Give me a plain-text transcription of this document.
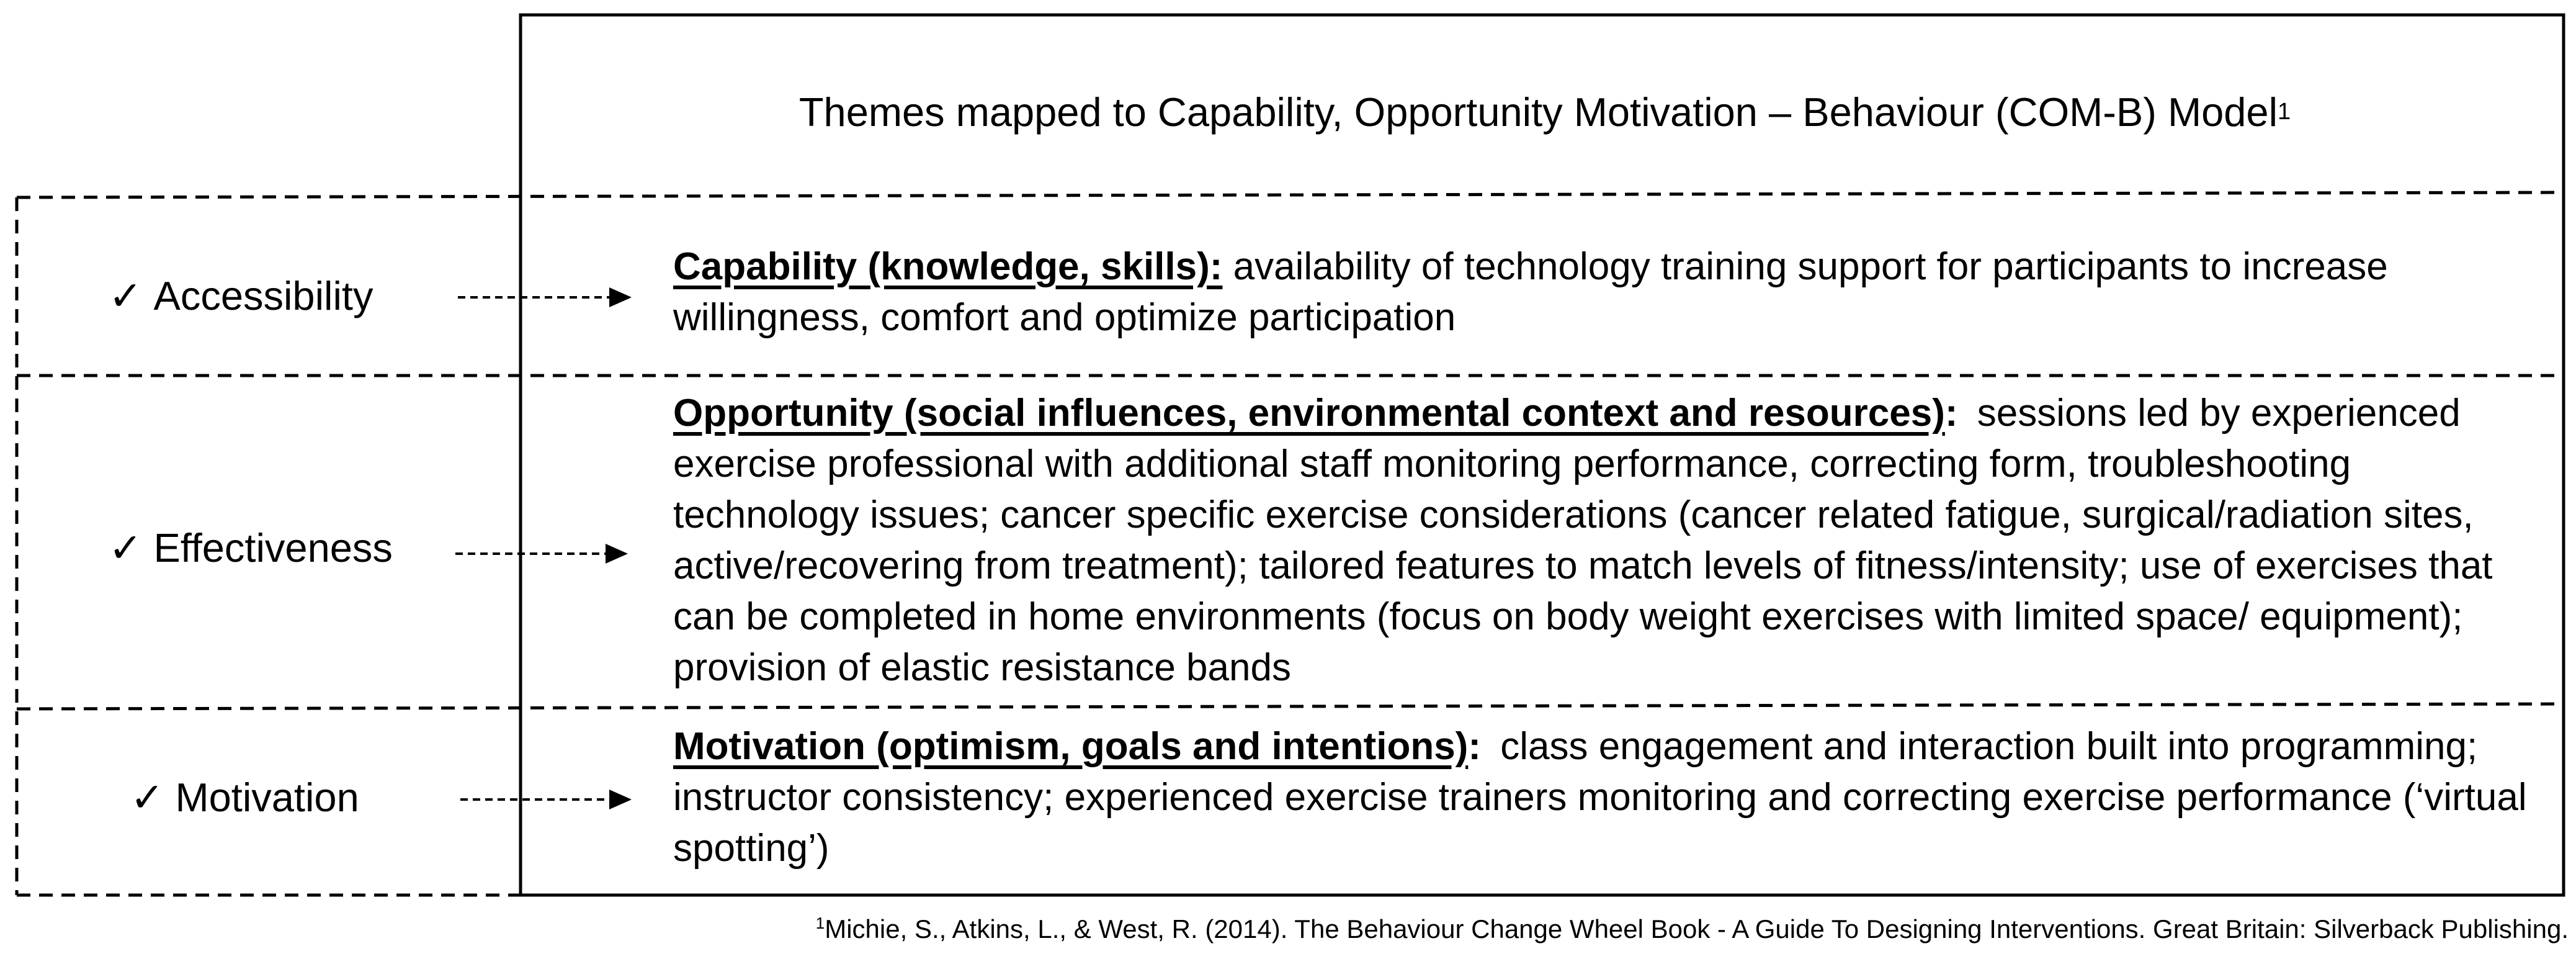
Themes mapped to Capability, Opportunity Motivation – Behaviour (COM-B) Model 1
✓ Accessibility
Capability (knowledge, skills): availability of technology training support for participants to increase willingness, comfort and optimize participation
✓ Effectiveness
Opportunity (social influences, environmental context and resources): sessions led by experienced exercise professional with additional staff monitoring performance, correcting form, troubleshooting technology issues; cancer specific exercise considerations (cancer related fatigue, surgical/radiation sites, active/recovering from treatment); tailored features to match levels of fitness/intensity; use of exercises that can be completed in home environments (focus on body weight exercises with limited space/ equipment); provision of elastic resistance bands
✓ Motivation
Motivation (optimism, goals and intentions): class engagement and interaction built into programming; instructor consistency; experienced exercise trainers monitoring and correcting exercise performance (‘virtual spotting’)
$^1$Michie, S., Atkins, L., & West, R. (2014). The Behaviour Change Wheel Book - A Guide To Designing Interventions. Great Britain: Silverback Publishing.
